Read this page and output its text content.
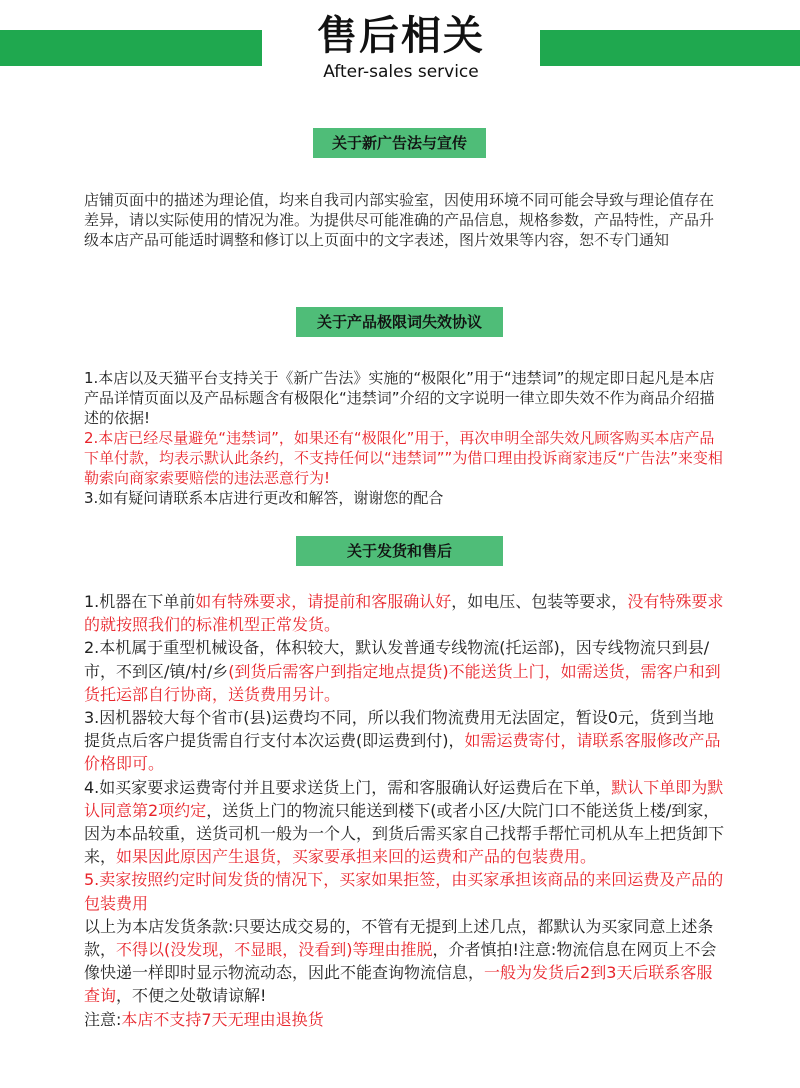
售后相关
After-sales service
关于新广告法与宣传

店铺页面中的描述为理论值，均来自我司内部实验室，因使用环境不同可能会导致与理论值存在差异，请以实际使用的情况为准。为提供尽可能准确的产品信息，规格参数，产品特性，产品升级本店产品可能适时调整和修订以上页面中的文字表述，图片效果等内容，恕不专门通知

关于产品极限词失效协议
1.本店以及天猫平台支持关于《新广告法》实施的“极限化”用于“违禁词”的规定即日起凡是本店产品详情页面以及产品标题含有极限化“违禁词”介绍的文字说明一律立即失效不作为商品介绍描述的依据!
2.本店已经尽量避免“违禁词”，如果还有“极限化”用于，再次申明全部失效凡顾客购买本店产品下单付款，均表示默认此条约，不支持任何以“违禁词””为借口理由投诉商家违反“广告法”来变相勒索向商家索要赔偿的违法恶意行为!
3.如有疑问请联系本店进行更改和解答，谢谢您的配合
关于发货和售后
1.机器在下单前如有特殊要求，请提前和客服确认好，如电压、包装等要求，没有特殊要求的就按照我们的标准机型正常发货。
2.本机属于重型机械设备，体积较大，默认发普通专线物流(托运部)，因专线物流只到县/市，不到区/镇/村/乡(到货后需客户到指定地点提货)不能送货上门，如需送货，需客户和到货托运部自行协商，送货费用另计。
3.因机器较大每个省市(县)运费均不同，所以我们物流费用无法固定，暂设0元，货到当地提货点后客户提货需自行支付本次运费(即运费到付)，如需运费寄付，请联系客服修改产品价格即可。
4.如买家要求运费寄付并且要求送货上门，需和客服确认好运费后在下单，默认下单即为默认同意第2项约定，送货上门的物流只能送到楼下(或者小区/大院门口不能送货上楼/到家，因为本品较重，送货司机一般为一个人，到货后需买家自己找帮手帮忙司机从车上把货卸下来，如果因此原因产生退货，买家要承担来回的运费和产品的包装费用。
5.卖家按照约定时间发货的情况下，买家如果拒签，由买家承担该商品的来回运费及产品的包装费用
以上为本店发货条款:只要达成交易的，不管有无提到上述几点，都默认为买家同意上述条款，不得以(没发现，不显眼，没看到)等理由推脱，介者慎拍!注意:物流信息在网页上不会像快递一样即时显示物流动态，因此不能查询物流信息，一般为发货后2到3天后联系客服查询，不便之处敬请谅解!
注意:本店不支持7天无理由退换货
